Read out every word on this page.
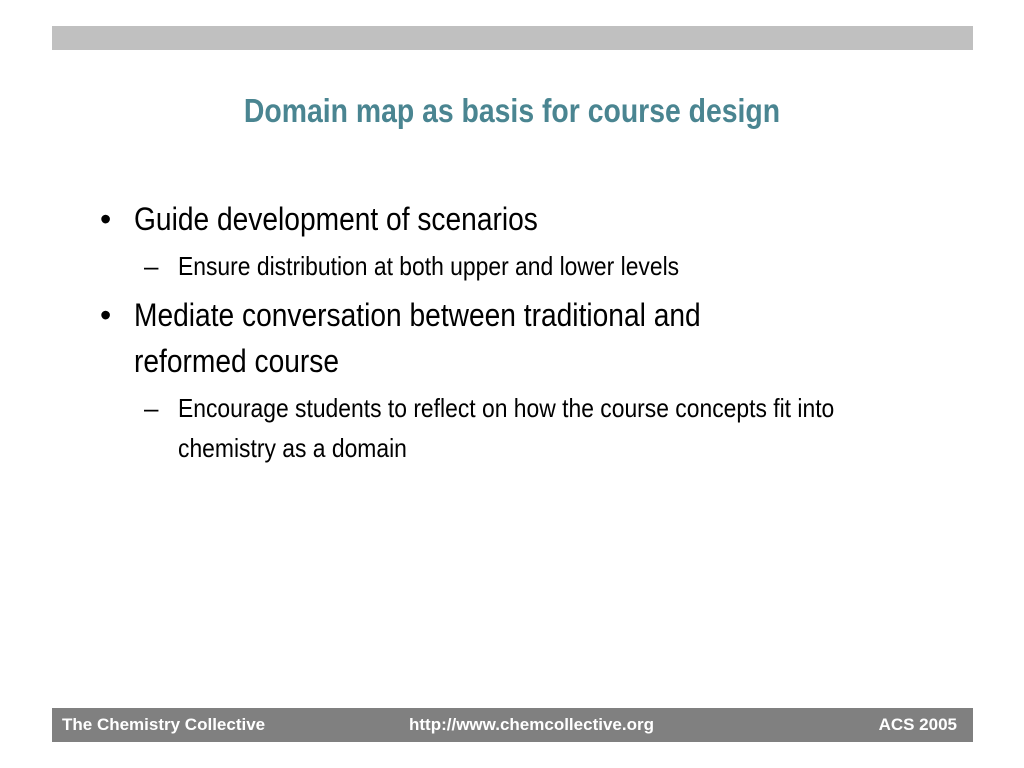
Domain map as basis for course design
• Guide development of scenarios
– Ensure distribution at both upper and lower levels
• Mediate conversation between traditional and reformed course
– Encourage students to reflect on how the course concepts fit into chemistry as a domain
The Chemistry Collective	http://www.chemcollective.org	ACS 2005
